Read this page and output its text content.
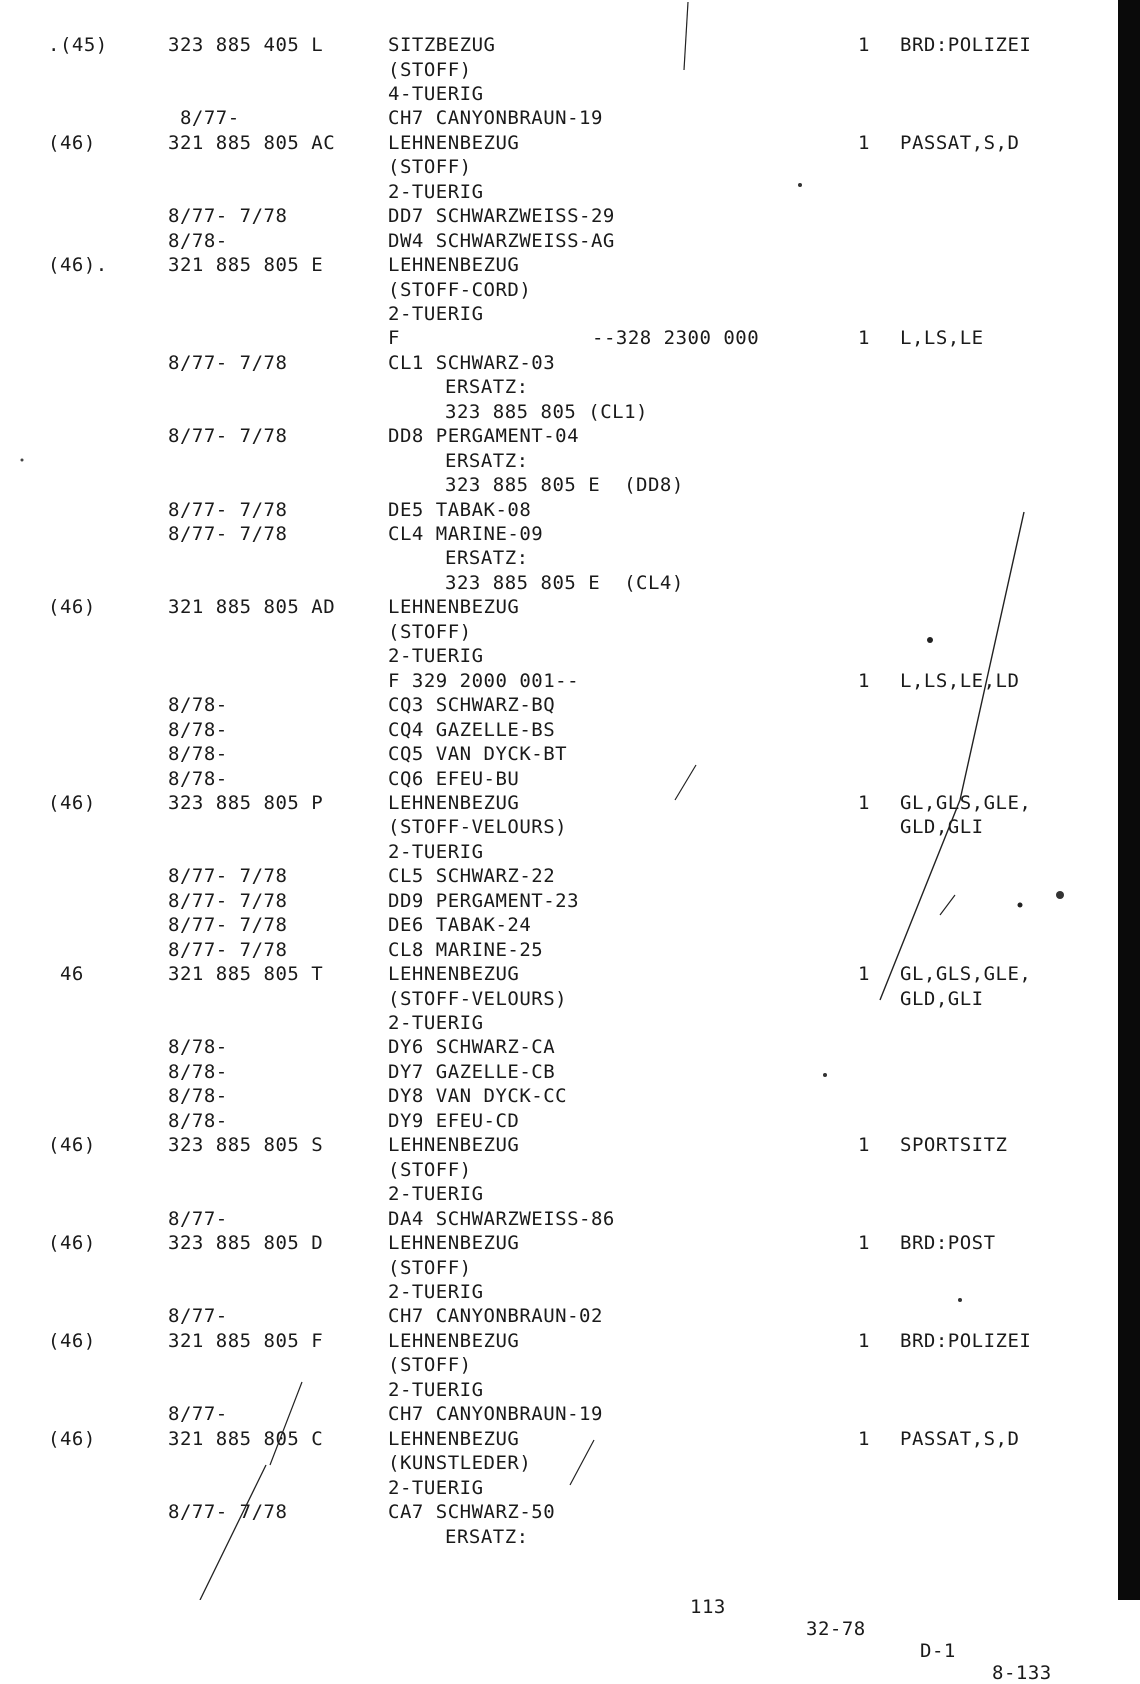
.(45)	323 885 405 L	SITZBEZUG	1 BRD:POLIZEI
(STOFF)
4-TUERIG
8/77-	CH7 CANYONBRAUN-19
(46)	321 885 805 AC	LEHNENBEZUG	1 PASSAT,S,D
(STOFF)
2-TUERIG
8/77- 7/78	DD7 SCHWARZWEISS-29
8/78-	DW4 SCHWARZWEISS-AG
(46).	321 885 805 E	LEHNENBEZUG
(STOFF-CORD)
2-TUERIG
F	--328 2300 000	1 L,LS,LE
8/77- 7/78	CL1 SCHWARZ-03
ERSATZ:
323 885 805 (CL1)
8/77- 7/78	DD8 PERGAMENT-04
ERSATZ:
323 885 805 E  (DD8)
8/77- 7/78	DE5 TABAK-08
8/77- 7/78	CL4 MARINE-09
ERSATZ:
323 885 805 E  (CL4)
(46)	321 885 805 AD	LEHNENBEZUG
(STOFF)
2-TUERIG
F 329 2000 001--	1 L,LS,LE,LD
8/78-	CQ3 SCHWARZ-BQ
8/78-	CQ4 GAZELLE-BS
8/78-	CQ5 VAN DYCK-BT
8/78-	CQ6 EFEU-BU
(46)	323 885 805 P	LEHNENBEZUG	1 GL,GLS,GLE,
(STOFF-VELOURS)	GLD,GLI
2-TUERIG
8/77- 7/78	CL5 SCHWARZ-22
8/77- 7/78	DD9 PERGAMENT-23
8/77- 7/78	DE6 TABAK-24
8/77- 7/78	CL8 MARINE-25
46	321 885 805 T	LEHNENBEZUG	1 GL,GLS,GLE,
(STOFF-VELOURS)	GLD,GLI
2-TUERIG
8/78-	DY6 SCHWARZ-CA
8/78-	DY7 GAZELLE-CB
8/78-	DY8 VAN DYCK-CC
8/78-	DY9 EFEU-CD
(46)	323 885 805 S	LEHNENBEZUG	1 SPORTSITZ
(STOFF)
2-TUERIG
8/77-	DA4 SCHWARZWEISS-86
(46)	323 885 805 D	LEHNENBEZUG	1 BRD:POST
(STOFF)
2-TUERIG
8/77-	CH7 CANYONBRAUN-02
(46)	321 885 805 F	LEHNENBEZUG	1 BRD:POLIZEI
(STOFF)
2-TUERIG
8/77-	CH7 CANYONBRAUN-19
(46)	321 885 805 C	LEHNENBEZUG	1 PASSAT,S,D
(KUNSTLEDER)
2-TUERIG
8/77- 7/78	CA7 SCHWARZ-50
ERSATZ:

113

32-78

D-1

8-133
